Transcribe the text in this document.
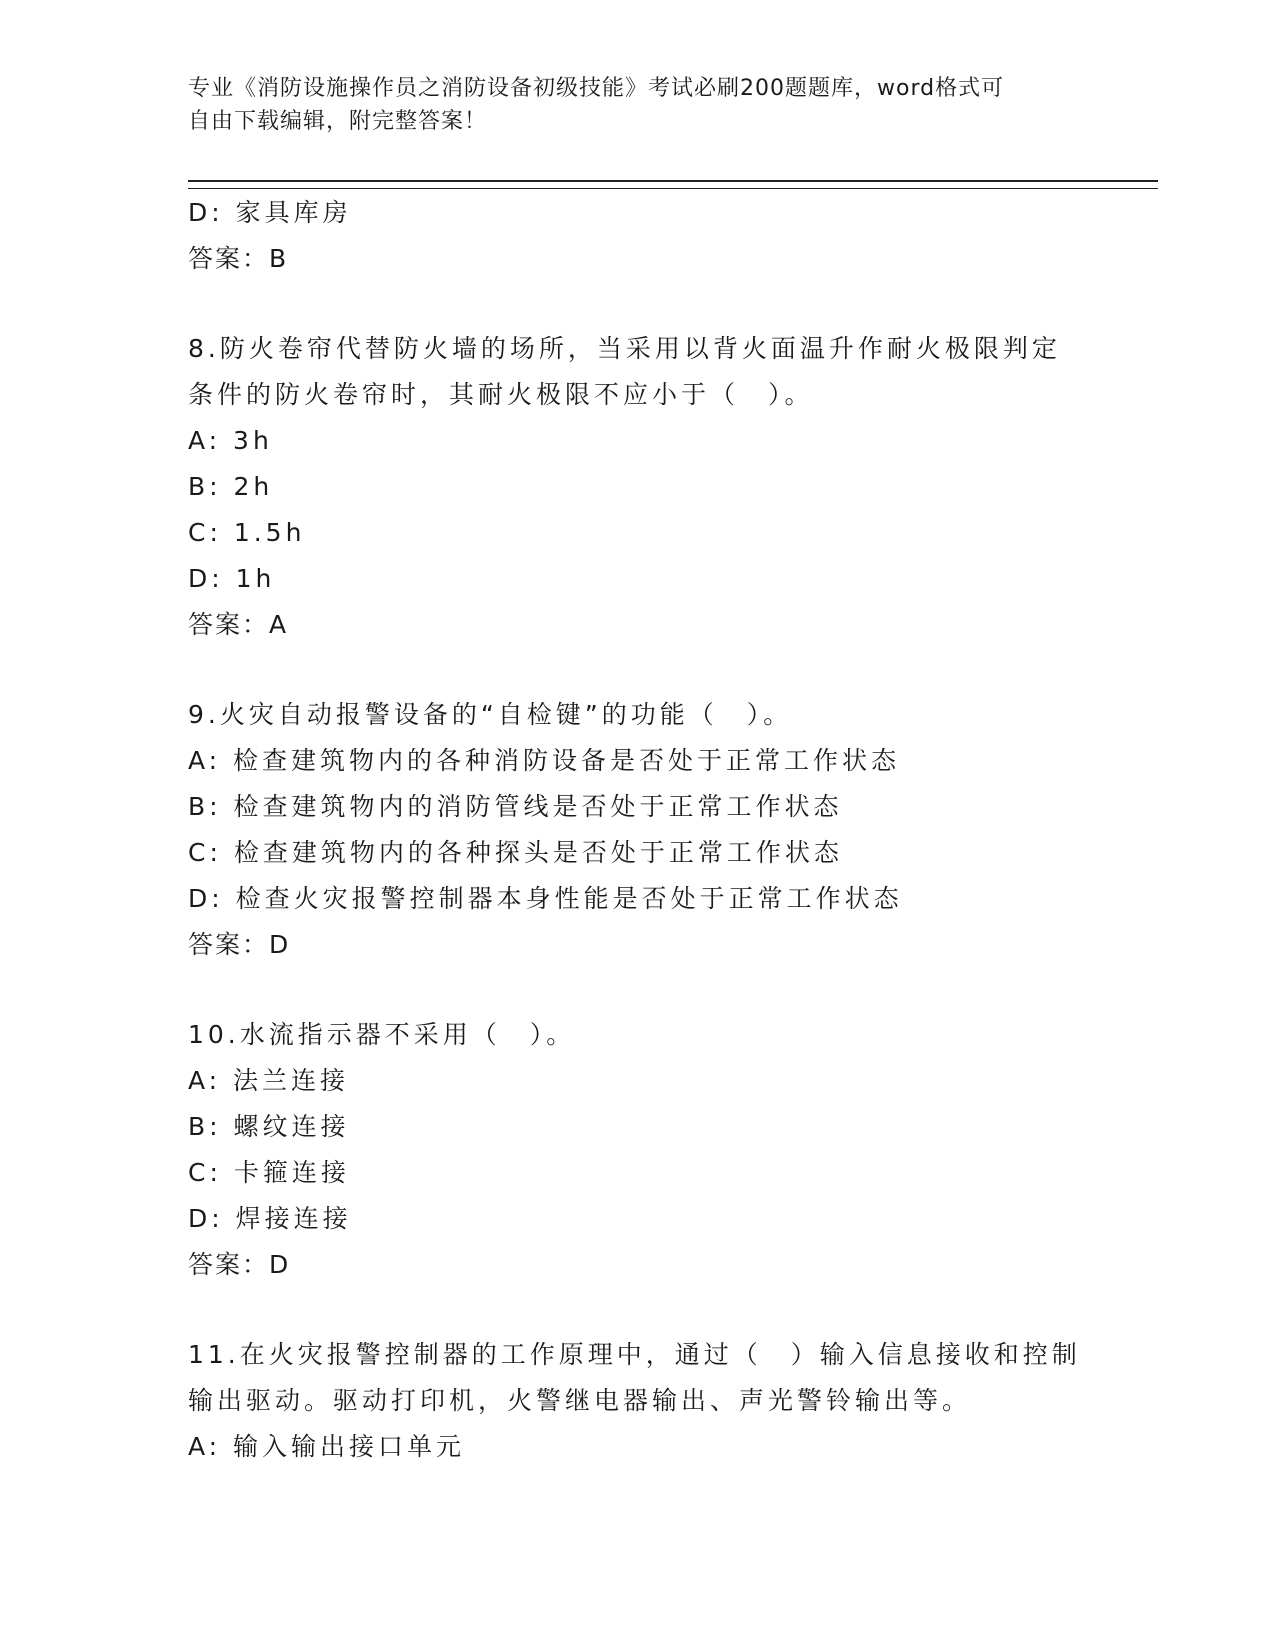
专业《消防设施操作员之消防设备初级技能》考试必刷200题题库，word格式可
自由下载编辑，附完整答案！
D: 家具库房
答案：B
8.防火卷帘代替防火墙的场所，当采用以背火面温升作耐火极限判定
条件的防火卷帘时，其耐火极限不应小于（　）。
A: 3h
B: 2h
C: 1.5h
D: 1h
答案：A
9.火灾自动报警设备的“自检键”的功能（　）。
A: 检查建筑物内的各种消防设备是否处于正常工作状态
B: 检查建筑物内的消防管线是否处于正常工作状态
C: 检查建筑物内的各种探头是否处于正常工作状态
D: 检查火灾报警控制器本身性能是否处于正常工作状态
答案：D
10.水流指示器不采用（　）。
A: 法兰连接
B: 螺纹连接
C: 卡箍连接
D: 焊接连接
答案：D
11.在火灾报警控制器的工作原理中，通过（　）输入信息接收和控制
输出驱动。驱动打印机，火警继电器输出、声光警铃输出等。
A: 输入输出接口单元
